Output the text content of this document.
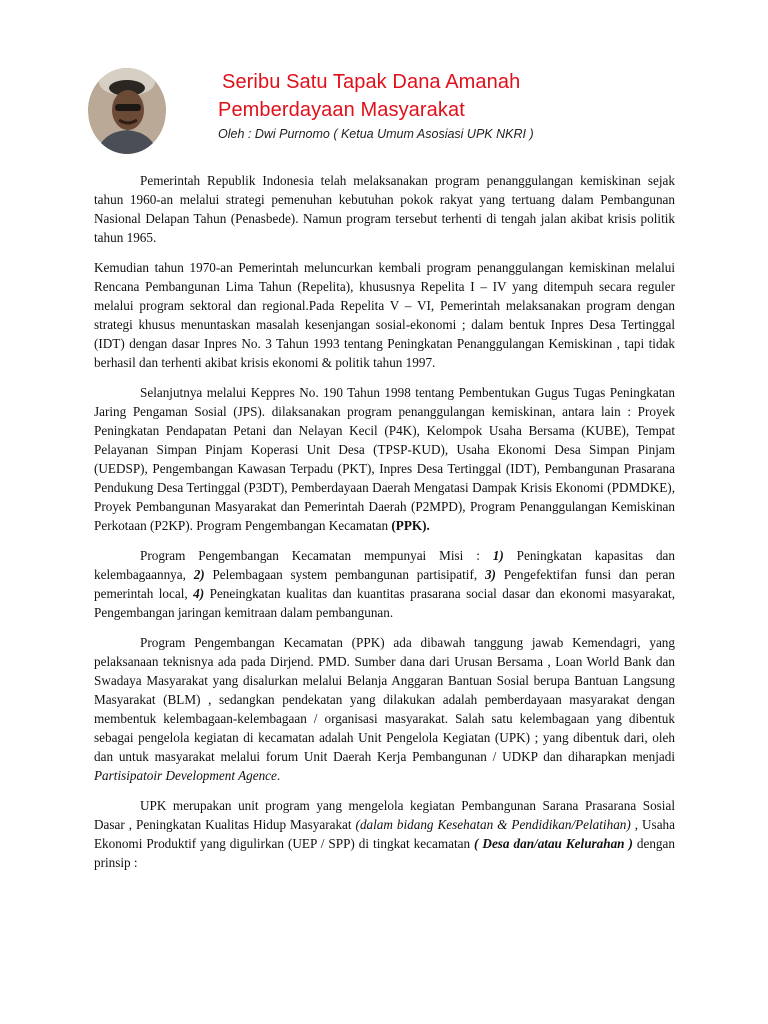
Seribu Satu Tapak Dana Amanah
Pemberdayaan Masyarakat
Oleh : Dwi Purnomo ( Ketua Umum Asosiasi UPK NKRI )

Pemerintah Republik Indonesia telah melaksanakan program penanggulangan kemiskinan sejak tahun 1960-an melalui strategi pemenuhan kebutuhan pokok rakyat yang tertuang dalam Pembangunan Nasional Delapan Tahun (Penasbede). Namun program tersebut terhenti di tengah jalan akibat krisis politik tahun 1965.

Kemudian tahun 1970-an Pemerintah meluncurkan kembali program penanggulangan kemiskinan melalui Rencana Pembangunan Lima Tahun (Repelita), khususnya Repelita I – IV yang ditempuh secara reguler melalui program sektoral dan regional.Pada Repelita V – VI, Pemerintah melaksanakan program dengan strategi khusus menuntaskan masalah kesenjangan sosial-ekonomi ; dalam bentuk Inpres Desa Tertinggal (IDT) dengan dasar Inpres No. 3 Tahun 1993 tentang Peningkatan Penanggulangan Kemiskinan , tapi tidak berhasil dan terhenti akibat krisis ekonomi & politik tahun 1997.

Selanjutnya melalui Keppres No. 190 Tahun 1998 tentang Pembentukan Gugus Tugas Peningkatan Jaring Pengaman Sosial (JPS). dilaksanakan program penanggulangan kemiskinan, antara lain : Proyek Peningkatan Pendapatan Petani dan Nelayan Kecil (P4K), Kelompok Usaha Bersama (KUBE), Tempat Pelayanan Simpan Pinjam Koperasi Unit Desa (TPSP-KUD), Usaha Ekonomi Desa Simpan Pinjam (UEDSP), Pengembangan Kawasan Terpadu (PKT), Inpres Desa Tertinggal (IDT), Pembangunan Prasarana Pendukung Desa Tertinggal (P3DT), Pemberdayaan Daerah Mengatasi Dampak Krisis Ekonomi (PDMDKE), Proyek Pembangunan Masyarakat dan Pemerintah Daerah (P2MPD), Program Penanggulangan Kemiskinan Perkotaan (P2KP). Program Pengembangan Kecamatan (PPK).

Program Pengembangan Kecamatan mempunyai Misi : 1) Peningkatan kapasitas dan kelembagaannya, 2) Pelembagaan system pembangunan partisipatif, 3) Pengefektifan funsi dan peran pemerintah local, 4) Peneingkatan kualitas dan kuantitas prasarana social dasar dan ekonomi masyarakat, Pengembangan jaringan kemitraan dalam pembangunan.

Program Pengembangan Kecamatan (PPK) ada dibawah tanggung jawab Kemendagri, yang pelaksanaan teknisnya ada pada Dirjend. PMD. Sumber dana dari Urusan Bersama , Loan World Bank dan Swadaya Masyarakat yang disalurkan melalui Belanja Anggaran Bantuan Sosial berupa Bantuan Langsung Masyarakat (BLM) , sedangkan pendekatan yang dilakukan adalah pemberdayaan masyarakat dengan membentuk kelembagaan-kelembagaan / organisasi masyarakat. Salah satu kelembagaan yang dibentuk sebagai pengelola kegiatan di kecamatan adalah Unit Pengelola Kegiatan (UPK) ; yang dibentuk dari, oleh dan untuk masyarakat melalui forum Unit Daerah Kerja Pembangunan / UDKP dan diharapkan menjadi Partisipatoir Development Agence.

UPK merupakan unit program yang mengelola kegiatan Pembangunan Sarana Prasarana Sosial Dasar , Peningkatan Kualitas Hidup Masyarakat (dalam bidang Kesehatan & Pendidikan/Pelatihan) , Usaha Ekonomi Produktif yang digulirkan (UEP / SPP) di tingkat kecamatan ( Desa dan/atau Kelurahan ) dengan prinsip :
